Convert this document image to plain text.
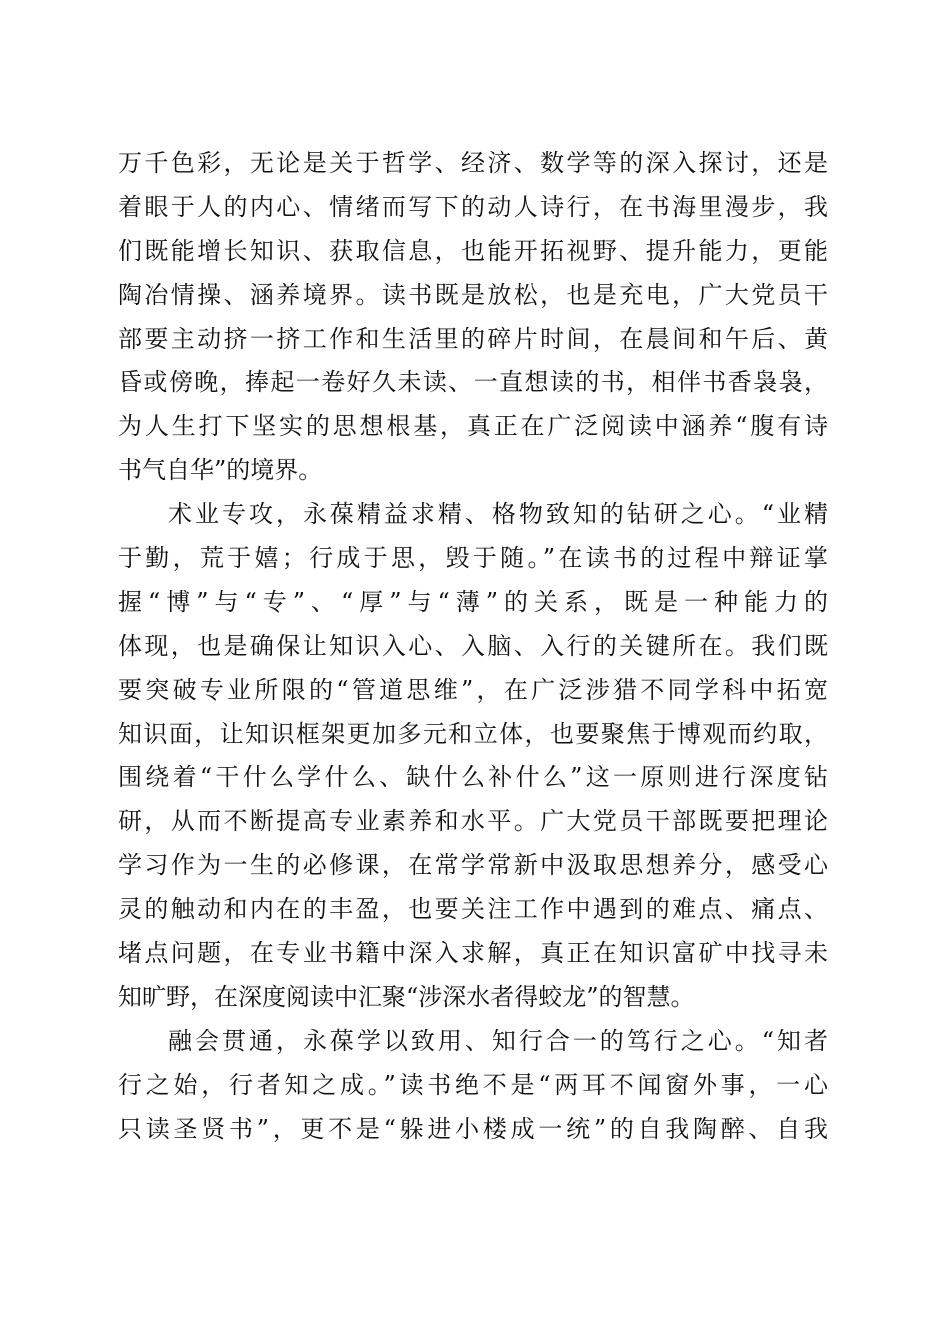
万千色彩，无论是关于哲学、经济、数学等的深入探讨，还是
着眼于人的内心、情绪而写下的动人诗行，在书海里漫步，我
们既能增长知识、获取信息，也能开拓视野、提升能力，更能
陶冶情操、涵养境界。读书既是放松，也是充电，广大党员干
部要主动挤一挤工作和生活里的碎片时间，在晨间和午后、黄
昏或傍晚，捧起一卷好久未读、一直想读的书，相伴书香袅袅，
为人生打下坚实的思想根基，真正在广泛阅读中涵养“腹有诗
书气自华”的境界。
术业专攻，永葆精益求精、格物致知的钻研之心。“业精
于勤，荒于嬉；行成于思，毁于随。”在读书的过程中辩证掌
握“博”与“专”、“厚”与“薄”的关系，既是一种能力的
体现，也是确保让知识入心、入脑、入行的关键所在。我们既
要突破专业所限的“管道思维”，在广泛涉猎不同学科中拓宽
知识面，让知识框架更加多元和立体，也要聚焦于博观而约取，
围绕着“干什么学什么、缺什么补什么”这一原则进行深度钻
研，从而不断提高专业素养和水平。广大党员干部既要把理论
学习作为一生的必修课，在常学常新中汲取思想养分，感受心
灵的触动和内在的丰盈，也要关注工作中遇到的难点、痛点、
堵点问题，在专业书籍中深入求解，真正在知识富矿中找寻未
知旷野，在深度阅读中汇聚“涉深水者得蛟龙”的智慧。
融会贯通，永葆学以致用、知行合一的笃行之心。“知者
行之始，行者知之成。”读书绝不是“两耳不闻窗外事，一心
只读圣贤书”，更不是“躲进小楼成一统”的自我陶醉、自我
